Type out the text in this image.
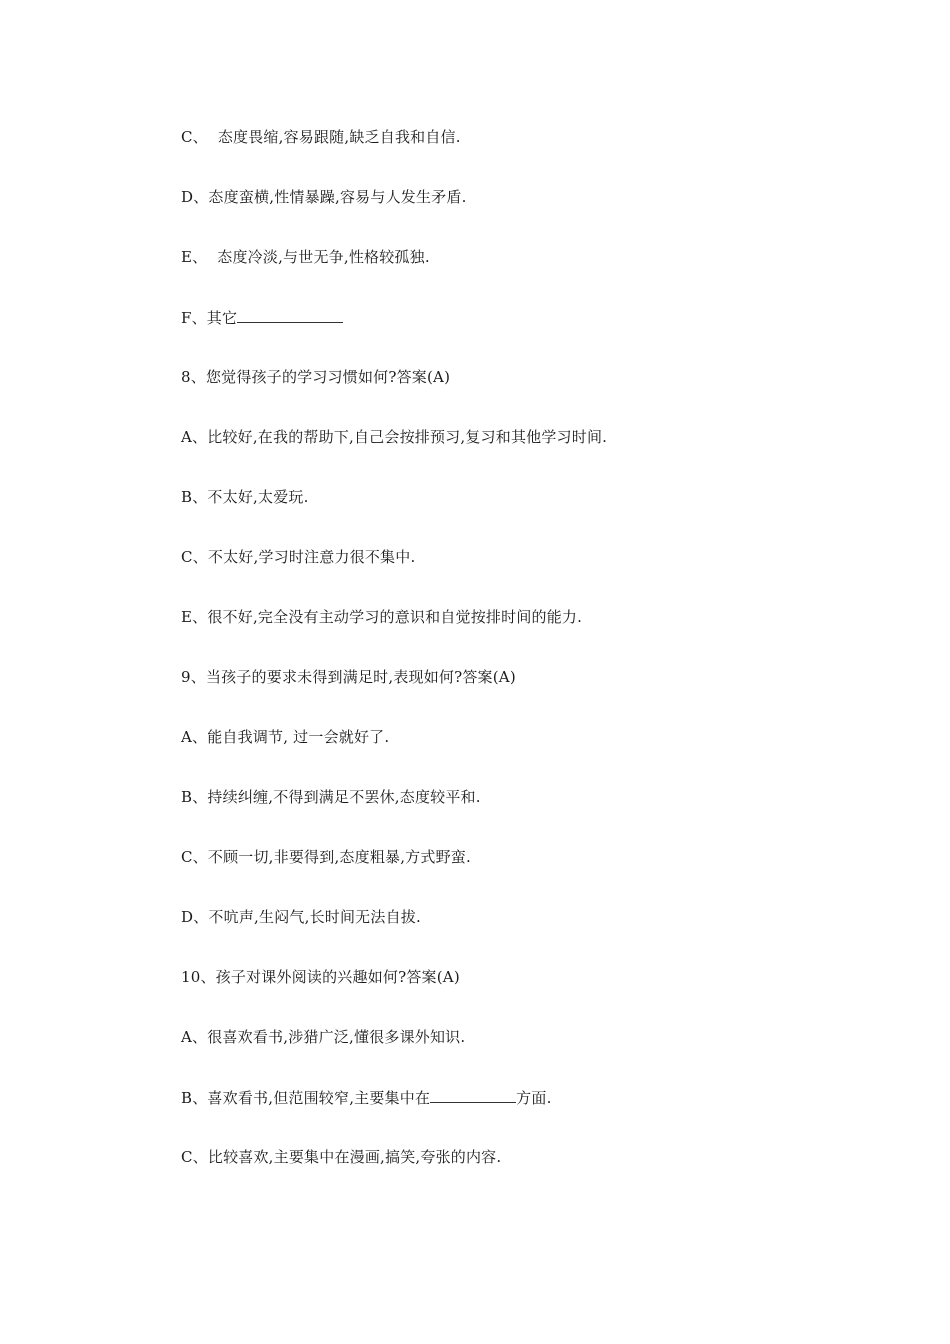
C、  态度畏缩,容易跟随,缺乏自我和自信.
D、态度蛮横,性情暴躁,容易与人发生矛盾.
E、  态度冷淡,与世无争,性格较孤独.
F、其它
8、您觉得孩子的学习习惯如何?答案(A)
A、比较好,在我的帮助下,自己会按排预习,复习和其他学习时间.
B、不太好,太爱玩.
C、不太好,学习时注意力很不集中.
E、很不好,完全没有主动学习的意识和自觉按排时间的能力.
9、当孩子的要求未得到满足时,表现如何?答案(A)
A、能自我调节, 过一会就好了.
B、持续纠缠,不得到满足不罢休,态度较平和.
C、不顾一切,非要得到,态度粗暴,方式野蛮.
D、不吭声,生闷气,长时间无法自拔.
10、孩子对课外阅读的兴趣如何?答案(A)
A、很喜欢看书,涉猎广泛,懂很多课外知识.
B、喜欢看书,但范围较窄,主要集中在	方面.
C、比较喜欢,主要集中在漫画,搞笑,夸张的内容.
